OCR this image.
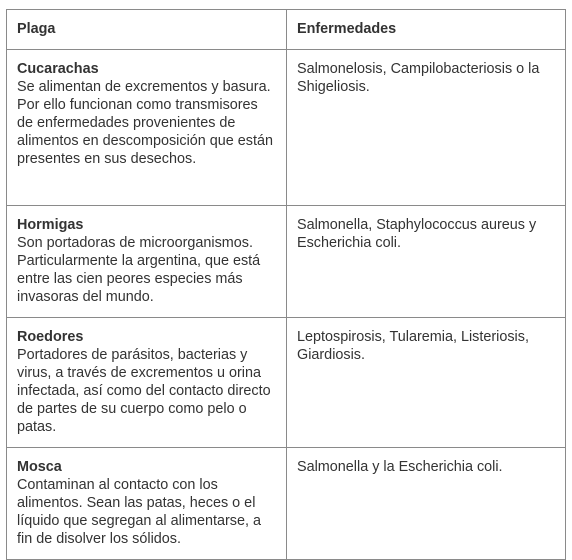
Plaga	Enfermedades

Cucarachas
Se alimentan de excrementos y basura. Por ello funcionan como transmisores de enfermedades provenientes de alimentos en descomposición que están presentes en sus desechos.	Salmonelosis, Campilobacteriosis o la Shigeliosis.

Hormigas
Son portadoras de microorganismos. Particularmente la argentina, que está entre las cien peores especies más invasoras del mundo.	Salmonella, Staphylococcus aureus y Escherichia coli.

Roedores
Portadores de parásitos, bacterias y virus, a través de excrementos u orina infectada, así como del contacto directo de partes de su cuerpo como pelo o patas.	Leptospirosis, Tularemia, Listeriosis, Giardiosis.

Mosca
Contaminan al contacto con los alimentos. Sean las patas, heces o el líquido que segregan al alimentarse, a fin de disolver los sólidos.	Salmonella y la Escherichia coli.
